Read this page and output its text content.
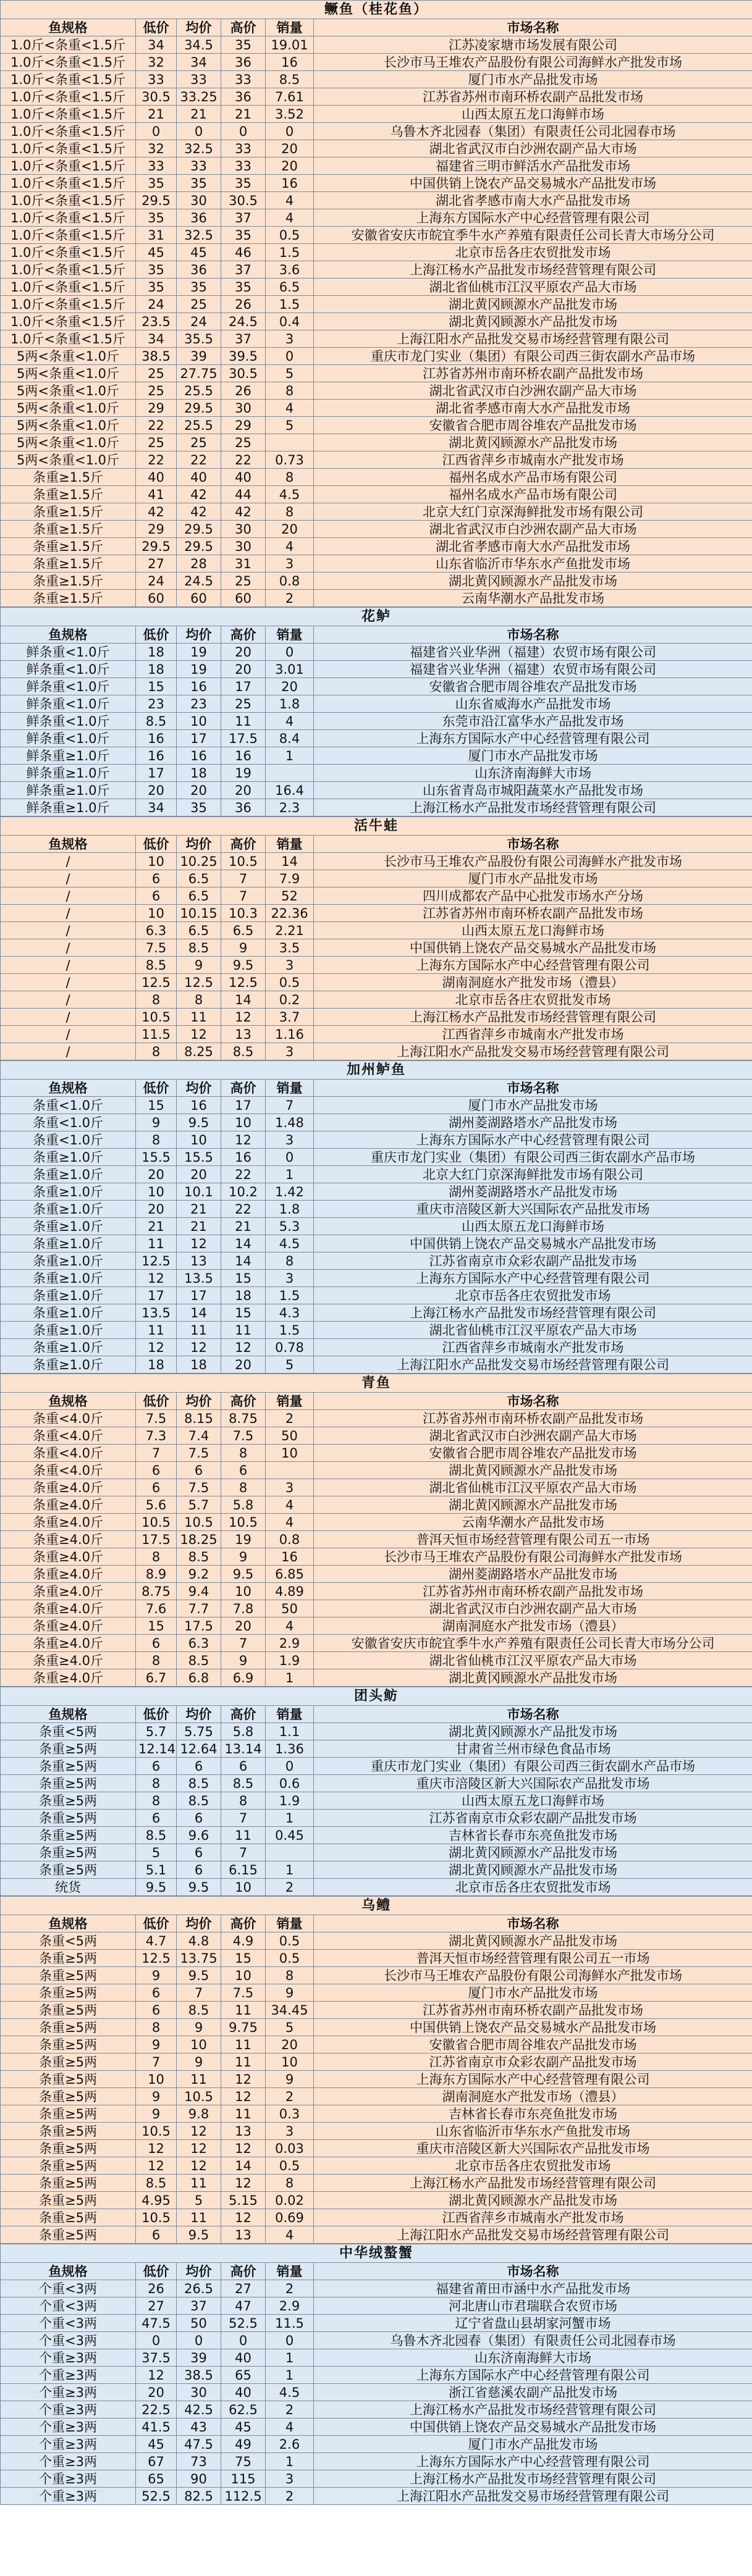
鳜鱼（桂花鱼）					
鱼规格	低价	均价	高价	销量	市场名称
1.0斤<条重<1.5斤	34	34.5	35	19.01	江苏凌家塘市场发展有限公司
1.0斤<条重<1.5斤	32	34	36	16	长沙市马王堆农产品股份有限公司海鲜水产批发市场
1.0斤<条重<1.5斤	33	33	33	8.5	厦门市水产品批发市场
1.0斤<条重<1.5斤	30.5	33.25	36	7.61	江苏省苏州市南环桥农副产品批发市场
1.0斤<条重<1.5斤	21	21	21	3.52	山西太原五龙口海鲜市场
1.0斤<条重<1.5斤	0	0	0	0	乌鲁木齐北园春（集团）有限责任公司北园春市场
1.0斤<条重<1.5斤	32	32.5	33	20	湖北省武汉市白沙洲农副产品大市场
1.0斤<条重<1.5斤	33	33	33	20	福建省三明市鲜活水产品批发市场
1.0斤<条重<1.5斤	35	35	35	16	中国供销上饶农产品交易城水产品批发市场
1.0斤<条重<1.5斤	29.5	30	30.5	4	湖北省孝感市南大水产品批发市场
1.0斤<条重<1.5斤	35	36	37	4	上海东方国际水产中心经营管理有限公司
1.0斤<条重<1.5斤	31	32.5	35	0.5	安徽省安庆市皖宜季牛水产养殖有限责任公司长青大市场分公司
1.0斤<条重<1.5斤	45	45	46	1.5	北京市岳各庄农贸批发市场
1.0斤<条重<1.5斤	35	36	37	3.6	上海江杨水产品批发市场经营管理有限公司
1.0斤<条重<1.5斤	35	35	35	6.5	湖北省仙桃市江汉平原农产品大市场
1.0斤<条重<1.5斤	24	25	26	1.5	湖北黄冈顾源水产品批发市场
1.0斤<条重<1.5斤	23.5	24	24.5	0.4	湖北黄冈顾源水产品批发市场
1.0斤<条重<1.5斤	34	35.5	37	3	上海江阳水产品批发交易市场经营管理有限公司
5两<条重<1.0斤	38.5	39	39.5	0	重庆市龙门实业（集团）有限公司西三街农副水产品市场
5两<条重<1.0斤	25	27.75	30.5	5	江苏省苏州市南环桥农副产品批发市场
5两<条重<1.0斤	25	25.5	26	8	湖北省武汉市白沙洲农副产品大市场
5两<条重<1.0斤	29	29.5	30	4	湖北省孝感市南大水产品批发市场
5两<条重<1.0斤	22	25.5	29	5	安徽省合肥市周谷堆农产品批发市场
5两<条重<1.0斤	25	25	25		湖北黄冈顾源水产品批发市场
5两<条重<1.0斤	22	22	22	0.73	江西省萍乡市城南水产批发市场
条重≥1.5斤	40	40	40	8	福州名成水产品市场有限公司
条重≥1.5斤	41	42	44	4.5	福州名成水产品市场有限公司
条重≥1.5斤	42	42	42	8	北京大红门京深海鲜批发市场有限公司
条重≥1.5斤	29	29.5	30	20	湖北省武汉市白沙洲农副产品大市场
条重≥1.5斤	29.5	29.5	30	4	湖北省孝感市南大水产品批发市场
条重≥1.5斤	27	28	31	3	山东省临沂市华东水产鱼批发市场
条重≥1.5斤	24	24.5	25	0.8	湖北黄冈顾源水产品批发市场
条重≥1.5斤	60	60	60	2	云南华潮水产品批发市场
花鲈					
鱼规格	低价	均价	高价	销量	市场名称
鲜条重<1.0斤	18	19	20	0	福建省兴业华洲（福建）农贸市场有限公司
鲜条重<1.0斤	18	19	20	3.01	福建省兴业华洲（福建）农贸市场有限公司
鲜条重<1.0斤	15	16	17	20	安徽省合肥市周谷堆农产品批发市场
鲜条重<1.0斤	23	23	25	1.8	山东省威海水产品批发市场
鲜条重<1.0斤	8.5	10	11	4	东莞市沿江富华水产品批发市场
鲜条重<1.0斤	16	17	17.5	8.4	上海东方国际水产中心经营管理有限公司
鲜条重≥1.0斤	16	16	16	1	厦门市水产品批发市场
鲜条重≥1.0斤	17	18	19		山东济南海鲜大市场
鲜条重≥1.0斤	20	20	20	16.4	山东省青岛市城阳蔬菜水产品批发市场
鲜条重≥1.0斤	34	35	36	2.3	上海江杨水产品批发市场经营管理有限公司
活牛蛙					
鱼规格	低价	均价	高价	销量	市场名称
/	10	10.25	10.5	14	长沙市马王堆农产品股份有限公司海鲜水产批发市场
/	6	6.5	7	7.9	厦门市水产品批发市场
/	6	6.5	7	52	四川成都农产品中心批发市场水产分场
/	10	10.15	10.3	22.36	江苏省苏州市南环桥农副产品批发市场
/	6.3	6.5	6.5	2.21	山西太原五龙口海鲜市场
/	7.5	8.5	9	3.5	中国供销上饶农产品交易城水产品批发市场
/	8.5	9	9.5	3	上海东方国际水产中心经营管理有限公司
/	12.5	12.5	12.5	0.5	湖南洞庭水产批发市场（澧县）
/	8	8	14	0.2	北京市岳各庄农贸批发市场
/	10.5	11	12	3.7	上海江杨水产品批发市场经营管理有限公司
/	11.5	12	13	1.16	江西省萍乡市城南水产批发市场
/	8	8.25	8.5	3	上海江阳水产品批发交易市场经营管理有限公司
加州鲈鱼					
鱼规格	低价	均价	高价	销量	市场名称
条重<1.0斤	15	16	17	7	厦门市水产品批发市场
条重<1.0斤	9	9.5	10	1.48	湖州菱湖路塔水产品批发市场
条重<1.0斤	8	10	12	3	上海东方国际水产中心经营管理有限公司
条重≥1.0斤	15.5	15.5	16	0	重庆市龙门实业（集团）有限公司西三街农副水产品市场
条重≥1.0斤	20	20	22	1	北京大红门京深海鲜批发市场有限公司
条重≥1.0斤	10	10.1	10.2	1.42	湖州菱湖路塔水产品批发市场
条重≥1.0斤	20	21	22	1.8	重庆市涪陵区新大兴国际农产品批发市场
条重≥1.0斤	21	21	21	5.3	山西太原五龙口海鲜市场
条重≥1.0斤	11	12	14	4.5	中国供销上饶农产品交易城水产品批发市场
条重≥1.0斤	12.5	13	14	8	江苏省南京市众彩农副产品批发市场
条重≥1.0斤	12	13.5	15	3	上海东方国际水产中心经营管理有限公司
条重≥1.0斤	17	17	18	1.5	北京市岳各庄农贸批发市场
条重≥1.0斤	13.5	14	15	4.3	上海江杨水产品批发市场经营管理有限公司
条重≥1.0斤	11	11	11	1.5	湖北省仙桃市江汉平原农产品大市场
条重≥1.0斤	12	12	12	0.78	江西省萍乡市城南水产批发市场
条重≥1.0斤	18	18	20	5	上海江阳水产品批发交易市场经营管理有限公司
青鱼					
鱼规格	低价	均价	高价	销量	市场名称
条重<4.0斤	7.5	8.15	8.75	2	江苏省苏州市南环桥农副产品批发市场
条重<4.0斤	7.3	7.4	7.5	50	湖北省武汉市白沙洲农副产品大市场
条重<4.0斤	7	7.5	8	10	安徽省合肥市周谷堆农产品批发市场
条重<4.0斤	6	6	6		湖北黄冈顾源水产品批发市场
条重≥4.0斤	6	7.5	8	3	湖北省仙桃市江汉平原农产品大市场
条重≥4.0斤	5.6	5.7	5.8	4	湖北黄冈顾源水产品批发市场
条重≥4.0斤	10.5	10.5	10.5	4	云南华潮水产品批发市场
条重≥4.0斤	17.5	18.25	19	0.8	普洱天恒市场经营管理有限公司五一市场
条重≥4.0斤	8	8.5	9	16	长沙市马王堆农产品股份有限公司海鲜水产批发市场
条重≥4.0斤	8.9	9.2	9.5	6.85	湖州菱湖路塔水产品批发市场
条重≥4.0斤	8.75	9.4	10	4.89	江苏省苏州市南环桥农副产品批发市场
条重≥4.0斤	7.6	7.7	7.8	50	湖北省武汉市白沙洲农副产品大市场
条重≥4.0斤	15	17.5	20	4	湖南洞庭水产批发市场（澧县）
条重≥4.0斤	6	6.3	7	2.9	安徽省安庆市皖宜季牛水产养殖有限责任公司长青大市场分公司
条重≥4.0斤	8	8.5	9	1.9	湖北省仙桃市江汉平原农产品大市场
条重≥4.0斤	6.7	6.8	6.9	1	湖北黄冈顾源水产品批发市场
团头鲂					
鱼规格	低价	均价	高价	销量	市场名称
条重<5两	5.7	5.75	5.8	1.1	湖北黄冈顾源水产品批发市场
条重≥5两	12.14	12.64	13.14	1.36	甘肃省兰州市绿色食品市场
条重≥5两	6	6	6	0	重庆市龙门实业（集团）有限公司西三街农副水产品市场
条重≥5两	8	8.5	8.5	0.6	重庆市涪陵区新大兴国际农产品批发市场
条重≥5两	8	8.5	8	1.9	山西太原五龙口海鲜市场
条重≥5两	6	6	7	1	江苏省南京市众彩农副产品批发市场
条重≥5两	8.5	9.6	11	0.45	吉林省长春市东亮鱼批发市场
条重≥5两	5	6	7		湖北黄冈顾源水产品批发市场
条重≥5两	5.1	6	6.15	1	湖北黄冈顾源水产品批发市场
统货	9.5	9.5	10	2	北京市岳各庄农贸批发市场
乌鳢					
鱼规格	低价	均价	高价	销量	市场名称
条重<5两	4.7	4.8	4.9	0.5	湖北黄冈顾源水产品批发市场
条重≥5两	12.5	13.75	15	0.5	普洱天恒市场经营管理有限公司五一市场
条重≥5两	9	9.5	10	8	长沙市马王堆农产品股份有限公司海鲜水产批发市场
条重≥5两	6	7	7.5	9	厦门市水产品批发市场
条重≥5两	6	8.5	11	34.45	江苏省苏州市南环桥农副产品批发市场
条重≥5两	8	9	9.75	5	中国供销上饶农产品交易城水产品批发市场
条重≥5两	9	10	11	20	安徽省合肥市周谷堆农产品批发市场
条重≥5两	7	9	11	10	江苏省南京市众彩农副产品批发市场
条重≥5两	10	11	12	9	上海东方国际水产中心经营管理有限公司
条重≥5两	9	10.5	12	2	湖南洞庭水产批发市场（澧县）
条重≥5两	9	9.8	11	0.3	吉林省长春市东亮鱼批发市场
条重≥5两	10.5	12	13	3	山东省临沂市华东水产鱼批发市场
条重≥5两	12	12	12	0.03	重庆市涪陵区新大兴国际农产品批发市场
条重≥5两	12	12	14	0.5	北京市岳各庄农贸批发市场
条重≥5两	8.5	11	12	8	上海江杨水产品批发市场经营管理有限公司
条重≥5两	4.95	5	5.15	0.02	湖北黄冈顾源水产品批发市场
条重≥5两	10.5	11	12	0.69	江西省萍乡市城南水产批发市场
条重≥5两	6	9.5	13	4	上海江阳水产品批发交易市场经营管理有限公司
中华绒螯蟹					
鱼规格	低价	均价	高价	销量	市场名称
个重<3两	26	26.5	27	2	福建省莆田市涵中水产品批发市场
个重<3两	27	37	47	2.9	河北唐山市君瑞联合农贸市场
个重<3两	47.5	50	52.5	11.5	辽宁省盘山县胡家河蟹市场
个重<3两	0	0	0	0	乌鲁木齐北园春（集团）有限责任公司北园春市场
个重≥3两	37.5	39	40	1	山东济南海鲜大市场
个重≥3两	12	38.5	65	1	上海东方国际水产中心经营管理有限公司
个重≥3两	20	30	40	4.5	浙江省慈溪农副产品批发市场
个重≥3两	22.5	42.5	62.5	2	上海江杨水产品批发市场经营管理有限公司
个重≥3两	41.5	43	45	4	中国供销上饶农产品交易城水产品批发市场
个重≥3两	45	47.5	49	2.6	厦门市水产品批发市场
个重≥3两	67	73	75	1	上海东方国际水产中心经营管理有限公司
个重≥3两	65	90	115	3	上海江杨水产品批发市场经营管理有限公司
个重≥3两	52.5	82.5	112.5	2	上海江阳水产品批发交易市场经营管理有限公司
